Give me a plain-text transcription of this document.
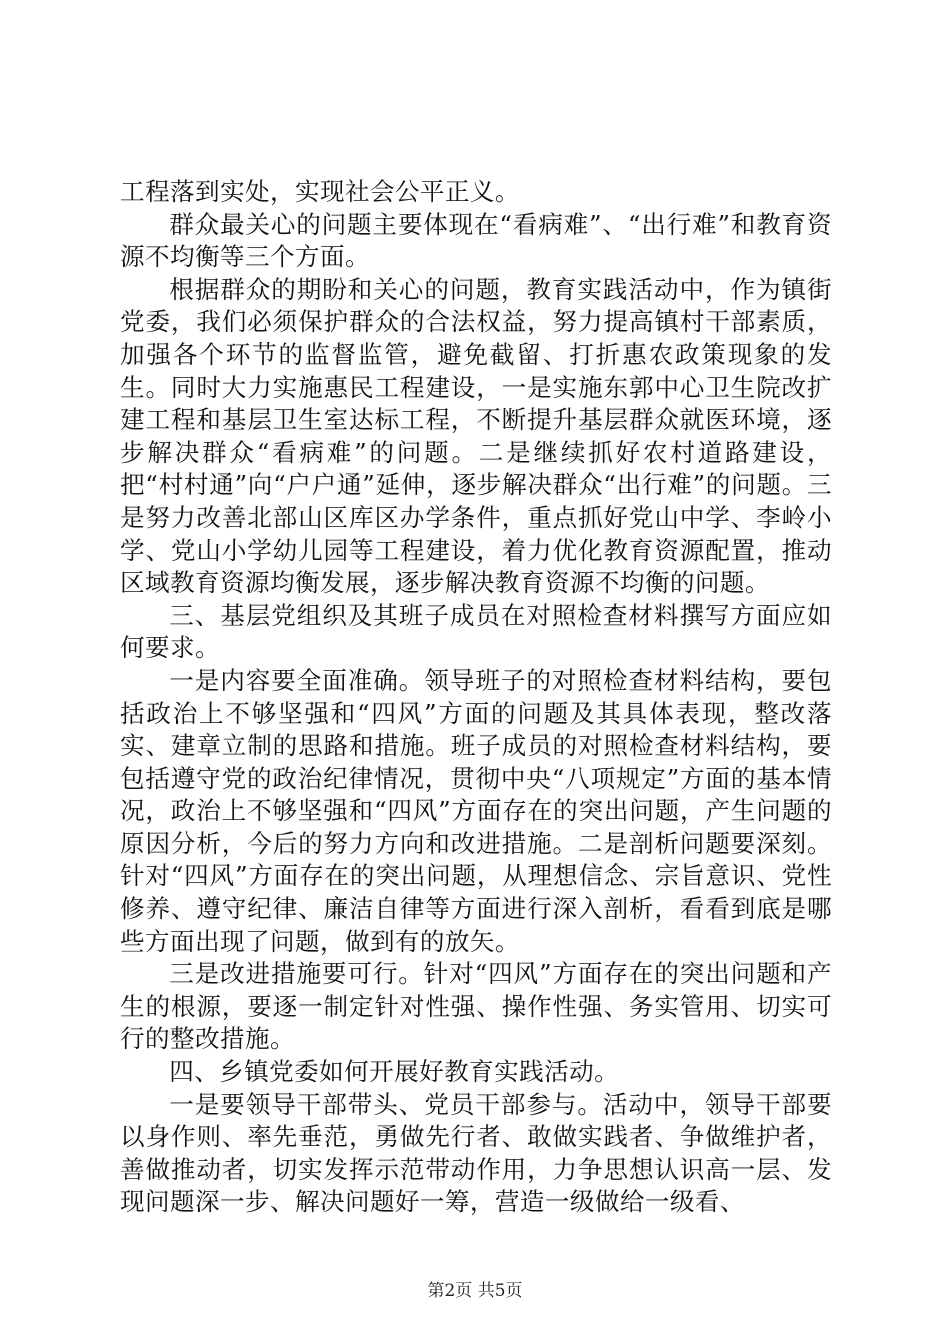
工程落到实处，实现社会公平正义。

群众最关心的问题主要体现在“看病难”、“出行难”和教育资源不均衡等三个方面。

根据群众的期盼和关心的问题，教育实践活动中，作为镇街党委，我们必须保护群众的合法权益，努力提高镇村干部素质，加强各个环节的监督监管，避免截留、打折惠农政策现象的发生。同时大力实施惠民工程建设，一是实施东郭中心卫生院改扩建工程和基层卫生室达标工程，不断提升基层群众就医环境，逐步解决群众“看病难”的问题。二是继续抓好农村道路建设，把“村村通”向“户户通”延伸，逐步解决群众“出行难”的问题。三是努力改善北部山区库区办学条件，重点抓好党山中学、李岭小学、党山小学幼儿园等工程建设，着力优化教育资源配置，推动区域教育资源均衡发展，逐步解决教育资源不均衡的问题。

三、基层党组织及其班子成员在对照检查材料撰写方面应如何要求。

一是内容要全面准确。领导班子的对照检查材料结构，要包括政治上不够坚强和“四风”方面的问题及其具体表现，整改落实、建章立制的思路和措施。班子成员的对照检查材料结构，要包括遵守党的政治纪律情况，贯彻中央“八项规定”方面的基本情况，政治上不够坚强和“四风”方面存在的突出问题，产生问题的原因分析，今后的努力方向和改进措施。二是剖析问题要深刻。针对“四风”方面存在的突出问题，从理想信念、宗旨意识、党性修养、遵守纪律、廉洁自律等方面进行深入剖析，看看到底是哪些方面出现了问题，做到有的放矢。

三是改进措施要可行。针对“四风”方面存在的突出问题和产生的根源，要逐一制定针对性强、操作性强、务实管用、切实可行的整改措施。

四、乡镇党委如何开展好教育实践活动。

一是要领导干部带头、党员干部参与。活动中，领导干部要以身作则、率先垂范，勇做先行者、敢做实践者、争做维护者，善做推动者，切实发挥示范带动作用，力争思想认识高一层、发现问题深一步、解决问题好一筹，营造一级做给一级看、

第2页 共5页
